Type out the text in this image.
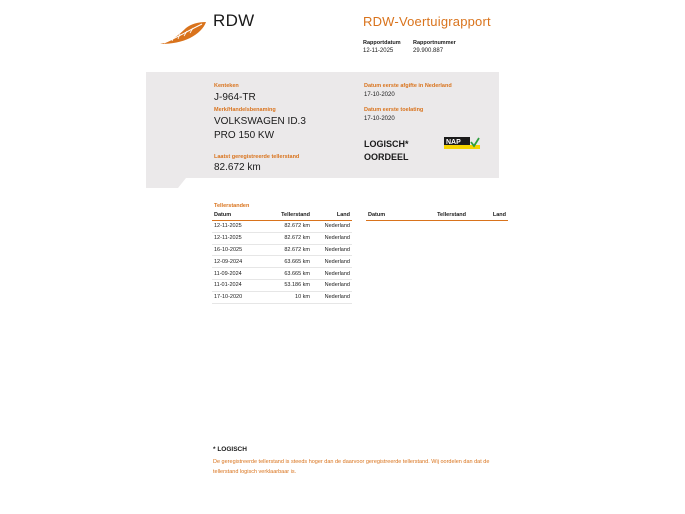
RDW	RDW-Voertuigrapport
Rapportdatum Rapportnummer
12-11-2025	29.900.887
Kenteken
J-964-TR
Merk/Handelsbenaming
VOLKSWAGEN ID.3
PRO 150 KW
Laatst geregistreerde tellerstand
82.672 km
Datum eerste afgifte in Nederland
17-10-2020
Datum eerste toelating
17-10-2020
LOGISCH*
OORDEEL
NAP
Tellerstanden
Datum	Tellerstand	Land
12-11-2025	82.672 km	Nederland
12-11-2025	82.672 km	Nederland
16-10-2025	82.672 km	Nederland
12-09-2024	63.665 km	Nederland
11-09-2024	63.665 km	Nederland
11-01-2024	53.186 km	Nederland
17-10-2020	10 km	Nederland
Datum	Tellerstand	Land
* LOGISCH
De geregistreerde tellerstand is steeds hoger dan de daarvoor geregistreerde tellerstand. Wij oordelen dan dat de tellerstand logisch verklaarbaar is.
